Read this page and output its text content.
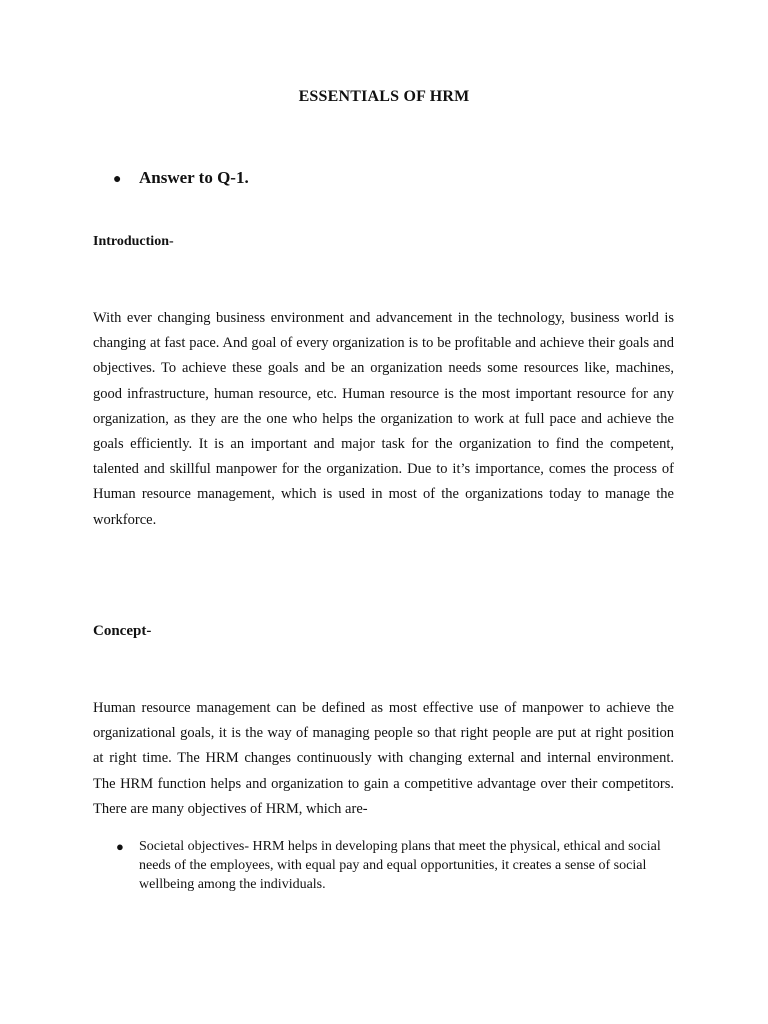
ESSENTIALS OF HRM
● Answer to Q-1.
Introduction-

With ever changing business environment and advancement in the technology, business world is changing at fast pace. And goal of every organization is to be profitable and achieve their goals and objectives. To achieve these goals and be an organization needs some resources like, machines, good infrastructure, human resource, etc. Human resource is the most important resource for any organization, as they are the one who helps the organization to work at full pace and achieve the goals efficiently. It is an important and major task for the organization to find the competent, talented and skillful manpower for the organization. Due to it’s importance, comes the process of Human resource management, which is used in most of the organizations today to manage the workforce.

Concept-

Human resource management can be defined as most effective use of manpower to achieve the organizational goals, it is the way of managing people so that right people are put at right position at right time. The HRM changes continuously with changing external and internal environment. The HRM function helps and organization to gain a competitive advantage over their competitors. There are many objectives of HRM, which are-

● Societal objectives- HRM helps in developing plans that meet the physical, ethical and social needs of the employees, with equal pay and equal opportunities, it creates a sense of social wellbeing among the individuals.
